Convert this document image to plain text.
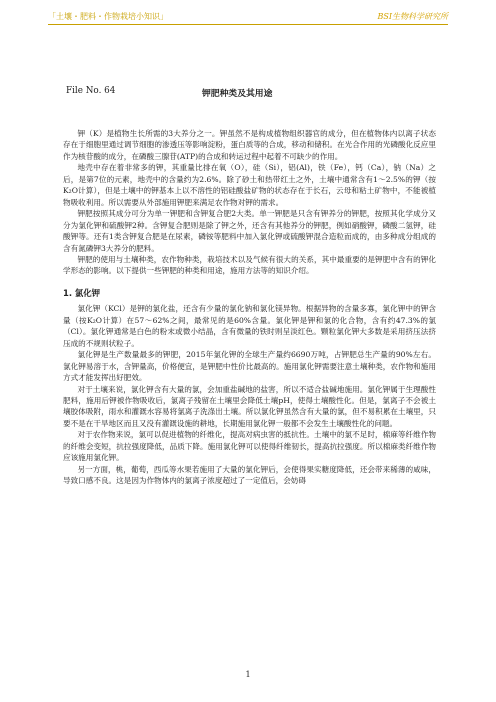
「土壤・肥料・作物栽培小知识」	BSI生物科学研究所
File No. 64	钾肥种类及其用途

钾（K）是植物生长所需的3大养分之一。钾虽然不是构成植物组织器官的成分，但在植物体内以离子状态存在于细胞里通过调节细胞的渗透压等影响淀粉，蛋白质等的合成，移动和储积。在光合作用的光磷酸化反应里作为核苷酸的成分，在磷酸三腺苷(ATP)的合成和转运过程中起着不可缺少的作用。

地壳中存在着非常多的钾，其重量比排在氧（O），硅（Si），铝(Al)，铁（Fe），钙（Ca），钠（Na）之后，是第7位的元素，地壳中的含量约为2.6%。除了砂土和热带红土之外，土壤中通常含有1～2.5%的钾（按K₂O计算），但是土壤中的钾基本上以不溶性的铝硅酸盐矿物的状态存在于长石，云母和粘土矿物中，不能被植物吸收利用。所以需要从外部施用钾肥来满足农作物对钾的需求。

钾肥按照其成分可分为单一钾肥和含钾复合肥2大类。单一钾肥是只含有钾养分的钾肥，按照其化学成分又分为氯化钾和硫酸钾2种。含钾复合肥则是除了钾之外，还含有其他养分的钾肥，例如硝酸钾，磷酸二氢钾，硅酸钾等。还有1类含钾复合肥是在尿素，磷铵等肥料中加入氯化钾或硫酸钾混合造粒而成的，由多种成分组成的含有氮磷钾3大养分的肥料。

钾肥的使用与土壤种类，农作物种类，栽培技术以及气候有很大的关系，其中最重要的是钾肥中含有的钾化学形态的影响。以下提供一些钾肥的种类和用途，施用方法等的知识介绍。

1. 氯化钾

氯化钾（KCl）是钾的氯化盐，还含有少量的氯化钠和氯化镁异物。根据异物的含量多寡，氯化钾中的钾含量（按K₂O计算）在57～62%之间，最常见的是60%含量。氯化钾是钾和氯的化合物，含有约47.3%的氯（Cl）。氯化钾通常是白色的粉末或微小结晶，含有微量的铁时则呈淡红色。颗粒氯化钾大多数是采用挤压法挤压成的不规则状粒子。

氯化钾是生产数量最多的钾肥，2015年氯化钾的全球生产量约6690万吨，占钾肥总生产量的90%左右。氯化钾易溶于水，含钾量高，价格便宜，是钾肥中性价比最高的。施用氯化钾需要注意土壤种类，农作物和施用方式才能发挥出好肥效。

对于土壤来说，氯化钾含有大量的氯，会加重盐碱地的盐害，所以不适合盐碱地施用。氯化钾属于生理酸性肥料，施用后钾被作物吸收后，氯离子残留在土壤里会降低土壤pH，使得土壤酸性化。但是，氯离子不会被土壤胶体吸附，雨水和灌溉水容易将氯离子洗涤出土壤。所以氯化钾虽然含有大量的氯，但不易积累在土壤里，只要不是在干旱地区而且又没有灌溉设施的耕地，长期施用氯化钾一般都不会发生土壤酸性化的问题。

对于农作物来说，氯可以促进植物的纤维化，提高对病虫害的抵抗性。土壤中的氯不足时，棉麻等纤维作物的纤维会变短，抗拉强度降低，品质下降。施用氯化钾可以使得纤维韧长，提高抗拉强度。所以棉麻类纤维作物应该施用氯化钾。

另一方面，桃，葡萄，西瓜等水果若施用了大量的氯化钾后，会使得果实糖度降低，还会带来稀薄的咸味，导致口感不良。这是因为作物体内的氯离子浓度超过了一定值后，会妨碍

1
